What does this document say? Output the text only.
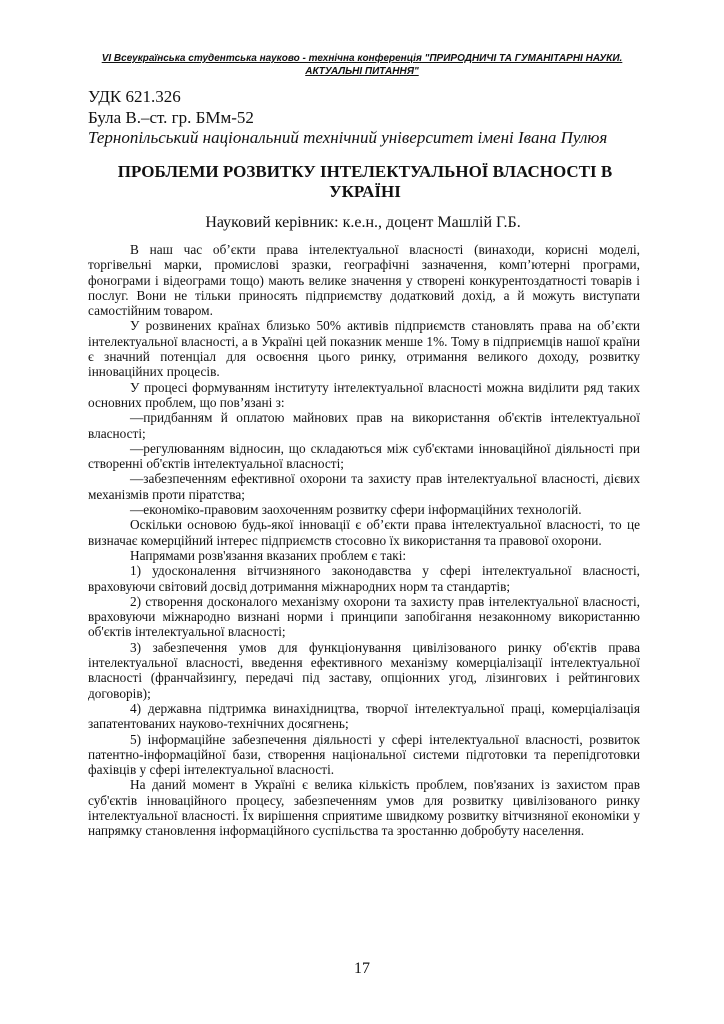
VI Всеукраїнська студентська науково - технічна конференція "ПРИРОДНИЧІ ТА ГУМАНІТАРНІ НАУКИ. АКТУАЛЬНІ ПИТАННЯ"
УДК 621.326
Була В.–ст. гр. БМм-52
Тернопільський національний технічний університет імені Івана Пулюя
ПРОБЛЕМИ РОЗВИТКУ ІНТЕЛЕКТУАЛЬНОЇ ВЛАСНОСТІ В УКРАЇНІ
Науковий керівник: к.е.н., доцент Машлій Г.Б.

В наш час об’єкти права інтелектуальної власності (винаходи, корисні моделі, торгівельні марки, промислові зразки, географічні зазначення, комп’ютерні програми, фонограми і відеограми тощо) мають велике значення у створені конкурентоздатності товарів і послуг. Вони не тільки приносять підприємству додатковий дохід, а й можуть виступати самостійним товаром.

У розвинених країнах близько 50% активів підприємств становлять права на об’єкти інтелектуальної власності, а в Україні цей показник менше 1%. Тому в підприємців нашої країни є значний потенціал для освоєння цього ринку, отримання великого доходу, розвитку інноваційних процесів.

У процесі формуванням інституту інтелектуальної власності можна виділити ряд таких основних проблем, що пов’язані з:

—придбанням й оплатою майнових прав на використання об'єктів інтелектуальної власності;

—регулюванням відносин, що складаються між суб'єктами інноваційної діяльності при створенні об'єктів інтелектуальної власності;

—забезпеченням ефективної охорони та захисту прав інтелектуальної власності, дієвих механізмів проти піратства;

—економіко-правовим заохоченням розвитку сфери інформаційних технологій.

Оскільки основою будь-якої інновації є об’єкти права інтелектуальної власності, то це визначає комерційний інтерес підприємств стосовно їх використання та правової охорони.

Напрямами розв'язання вказаних проблем є такі:

1) удосконалення вітчизняного законодавства у сфері інтелектуальної власності, враховуючи світовий досвід дотримання міжнародних норм та стандартів;

2) створення досконалого механізму охорони та захисту прав інтелектуальної власності, враховуючи міжнародно визнані норми і принципи запобігання незаконному використанню об'єктів інтелектуальної власності;

3) забезпечення умов для функціонування цивілізованого ринку об'єктів права інтелектуальної власності, введення ефективного механізму комерціалізації інтелектуальної власності (франчайзингу, передачі під заставу, опціонних угод, лізингових і рейтингових договорів);

4) державна підтримка винахідництва, творчої інтелектуальної праці, комерціалізація запатентованих науково-технічних досягнень;

5) інформаційне забезпечення діяльності у сфері інтелектуальної власності, розвиток патентно-інформаційної бази, створення національної системи підготовки та перепідготовки фахівців у сфері інтелектуальної власності.

На даний момент в Україні є велика кількість проблем, пов'язаних із захистом прав суб'єктів інноваційного процесу, забезпеченням умов для розвитку цивілізованого ринку інтелектуальної власності. Їх вирішення сприятиме швидкому розвитку вітчизняної економіки у напрямку становлення інформаційного суспільства та зростанню добробуту населення.

17
